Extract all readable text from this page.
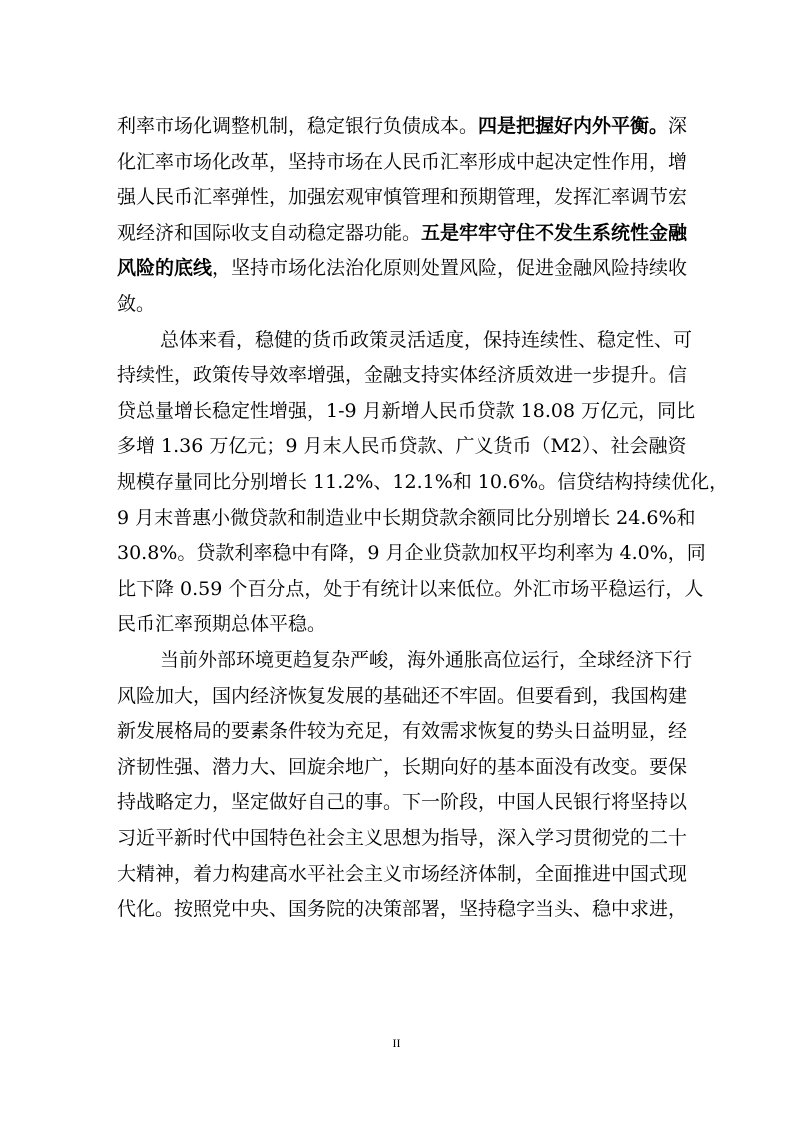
利率市场化调整机制，稳定银行负债成本。四是把握好内外平衡。深
化汇率市场化改革，坚持市场在人民币汇率形成中起决定性作用，增
强人民币汇率弹性，加强宏观审慎管理和预期管理，发挥汇率调节宏
观经济和国际收支自动稳定器功能。五是牢牢守住不发生系统性金融
风险的底线，坚持市场化法治化原则处置风险，促进金融风险持续收
敛。
总体来看，稳健的货币政策灵活适度，保持连续性、稳定性、可
持续性，政策传导效率增强，金融支持实体经济质效进一步提升。信
贷总量增长稳定性增强，1-9 月新增人民币贷款 18.08 万亿元，同比
多增 1.36 万亿元；9 月末人民币贷款、广义货币（M2）、社会融资
规模存量同比分别增长 11.2%、12.1%和 10.6%。信贷结构持续优化，
9 月末普惠小微贷款和制造业中长期贷款余额同比分别增长 24.6%和
30.8%。贷款利率稳中有降，9 月企业贷款加权平均利率为 4.0%，同
比下降 0.59 个百分点，处于有统计以来低位。外汇市场平稳运行，人
民币汇率预期总体平稳。
当前外部环境更趋复杂严峻，海外通胀高位运行，全球经济下行
风险加大，国内经济恢复发展的基础还不牢固。但要看到，我国构建
新发展格局的要素条件较为充足，有效需求恢复的势头日益明显，经
济韧性强、潜力大、回旋余地广，长期向好的基本面没有改变。要保
持战略定力，坚定做好自己的事。下一阶段，中国人民银行将坚持以
习近平新时代中国特色社会主义思想为指导，深入学习贯彻党的二十
大精神，着力构建高水平社会主义市场经济体制，全面推进中国式现
代化。按照党中央、国务院的决策部署，坚持稳字当头、稳中求进，
II
